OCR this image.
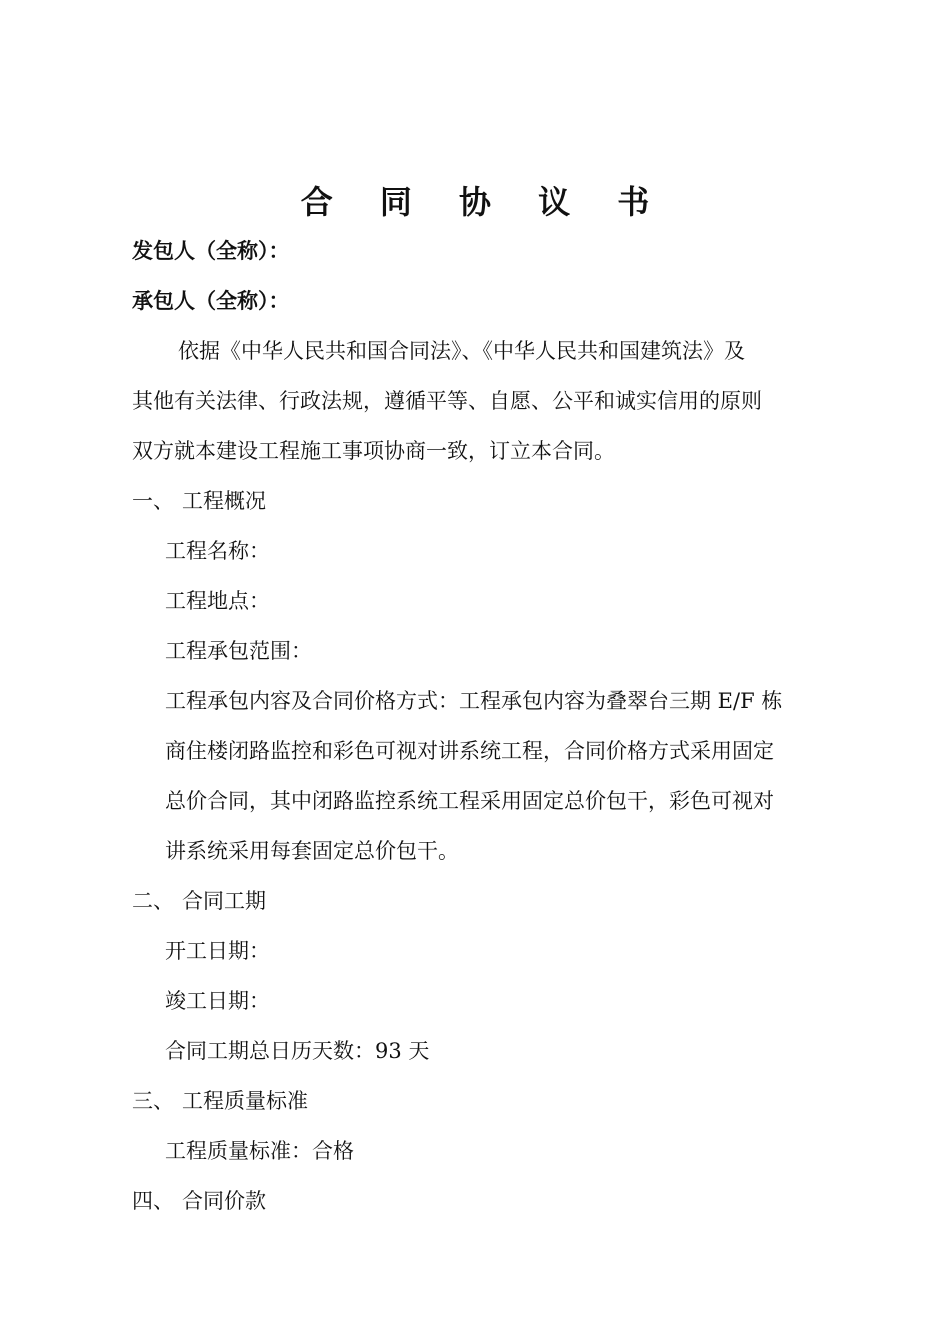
合 同 协 议 书
发包人（全称）：
承包人（全称）：
依据《中华人民共和国合同法》、《中华人民共和国建筑法》及
其他有关法律、行政法规，遵循平等、自愿、公平和诚实信用的原则
双方就本建设工程施工事项协商一致，订立本合同。
一、 工程概况
工程名称：
工程地点：
工程承包范围：
工程承包内容及合同价格方式：工程承包内容为叠翠台三期 E/F 栋
商住楼闭路监控和彩色可视对讲系统工程，合同价格方式采用固定
总价合同，其中闭路监控系统工程采用固定总价包干，彩色可视对
讲系统采用每套固定总价包干。
二、 合同工期
开工日期：
竣工日期：
合同工期总日历天数：93 天
三、 工程质量标准
工程质量标准：合格
四、 合同价款
